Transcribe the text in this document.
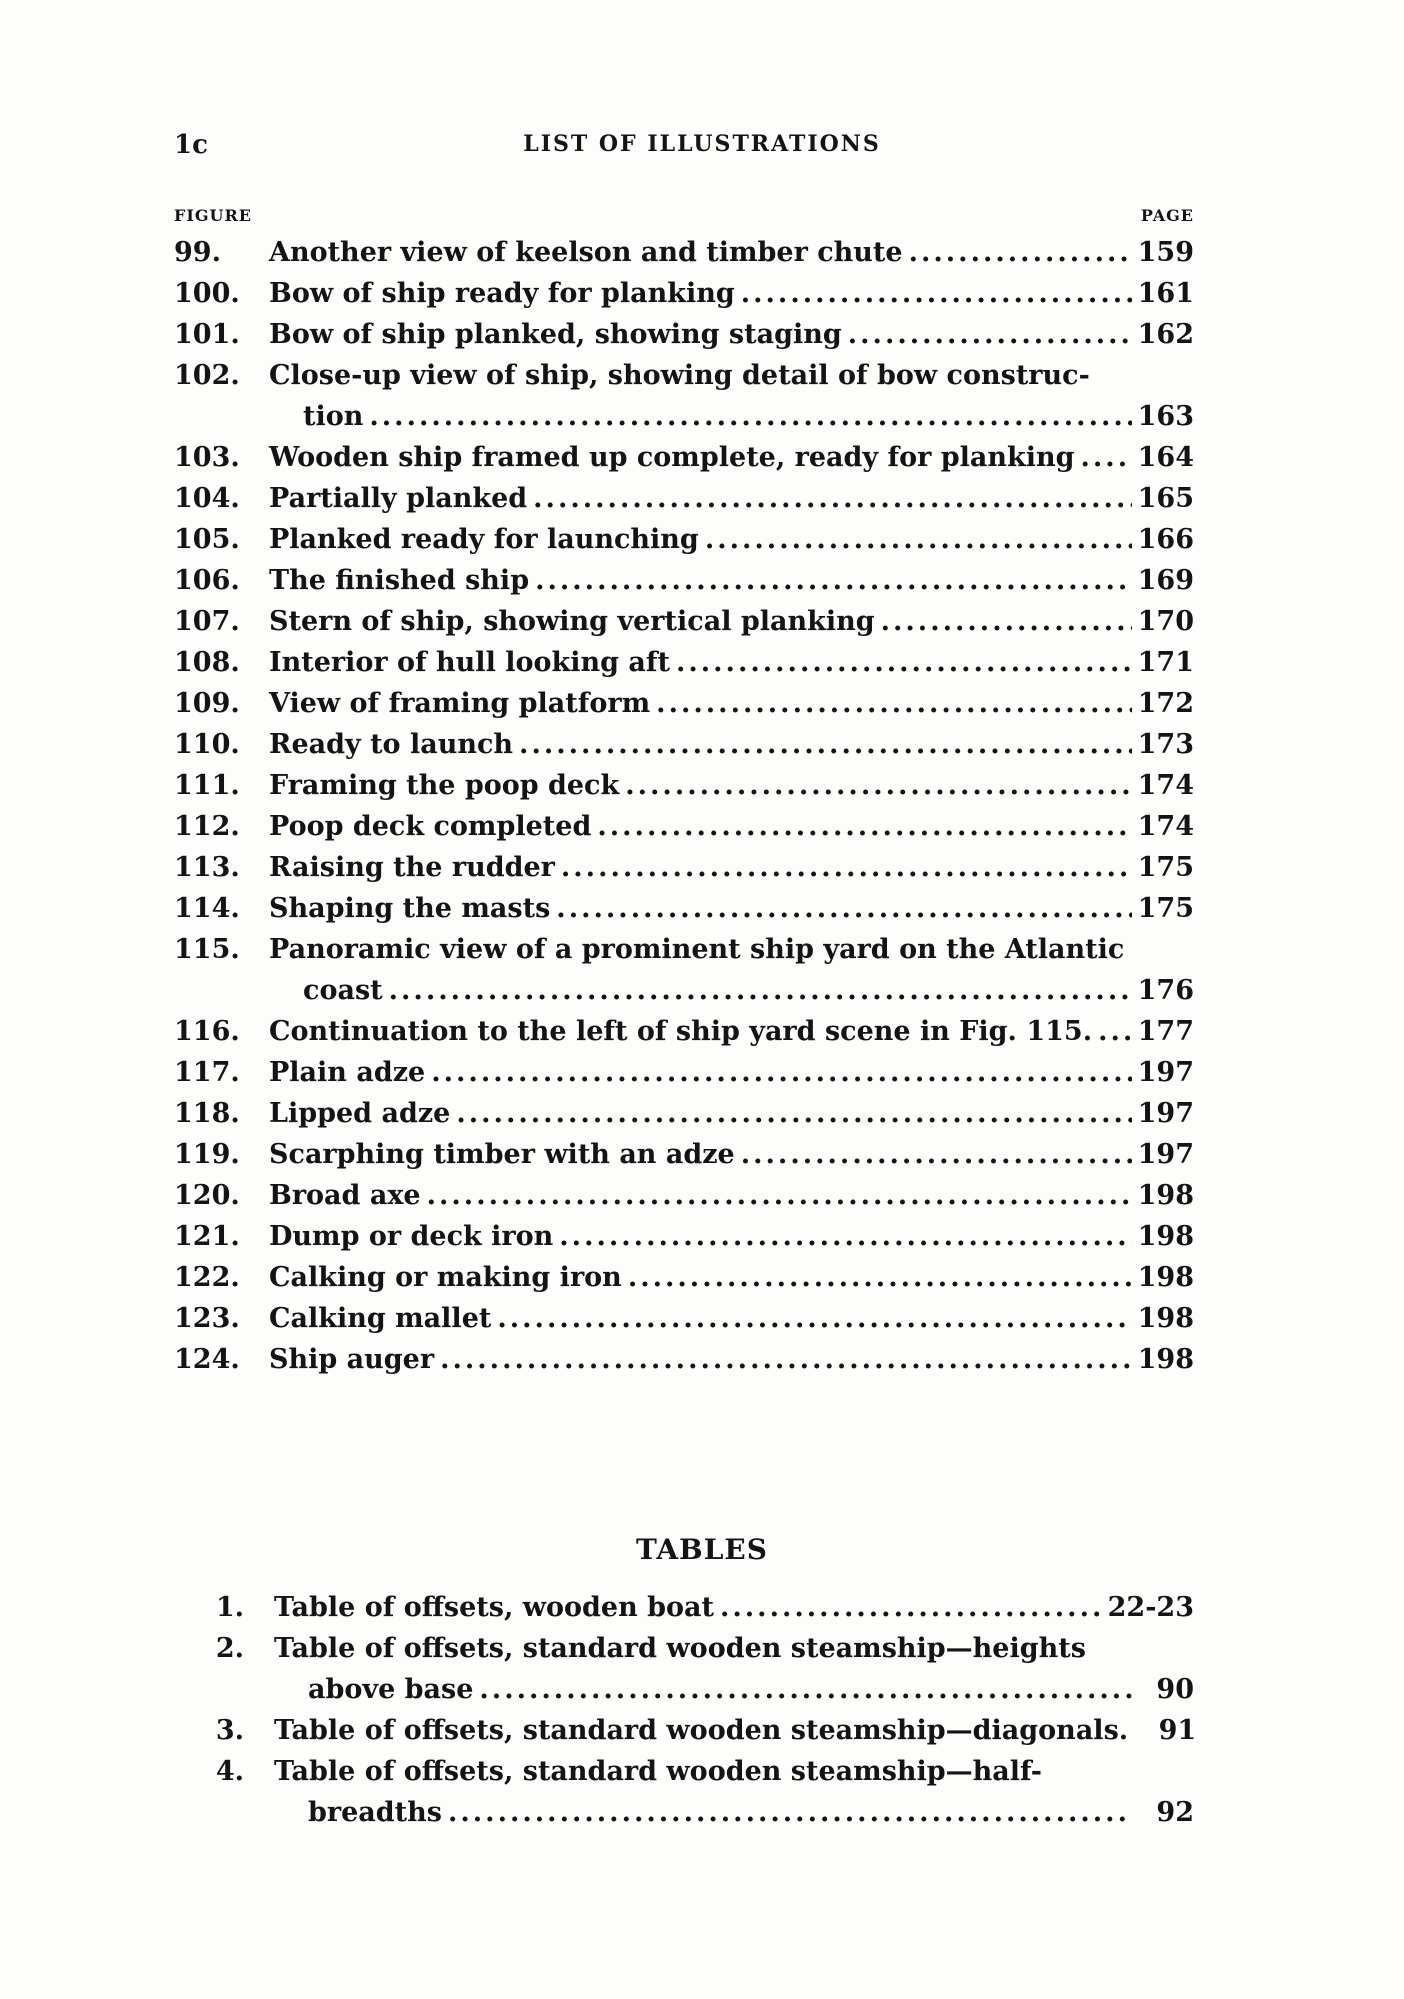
1c	LIST OF ILLUSTRATIONS
FIGURE	PAGE
99.	Another view of keelson and timber chute .....	159
100.	Bow of ship ready for planking .....	161
101.	Bow of ship planked, showing staging .....	162
102.	Close-up view of ship, showing detail of bow construc-
tion .....	163
103.	Wooden ship framed up complete, ready for planking ..... 164
104.	Partially planked .....	165
105.	Planked ready for launching .....	166
106.	The finished ship .....	169
107.	Stern of ship, showing vertical planking .....	170
108.	Interior of hull looking aft .....	171
109.	View of framing platform .....	172
110.	Ready to launch .....	173
111.	Framing the poop deck .....	174
112.	Poop deck completed .....	174
113.	Raising the rudder .....	175
114.	Shaping the masts .....	175
115.	Panoramic view of a prominent ship yard on the Atlantic
coast .....	176
116.	Continuation to the left of ship yard scene in Fig. 115. ..... 177
117.	Plain adze .....	197
118.	Lipped adze .....	197
119.	Scarphing timber with an adze .....	197
120.	Broad axe .....	198
121.	Dump or deck iron .....	198
122.	Calking or making iron .....	198
123.	Calking mallet .....	198
124.	Ship auger .....	198
TABLES
1. Table of offsets, wooden boat .....	22-23
2. Table of offsets, standard wooden steamship—heights
above base .....	90
3. Table of offsets, standard wooden steamship—diagonals.	91
4. Table of offsets, standard wooden steamship—half-
breadths .....	92
